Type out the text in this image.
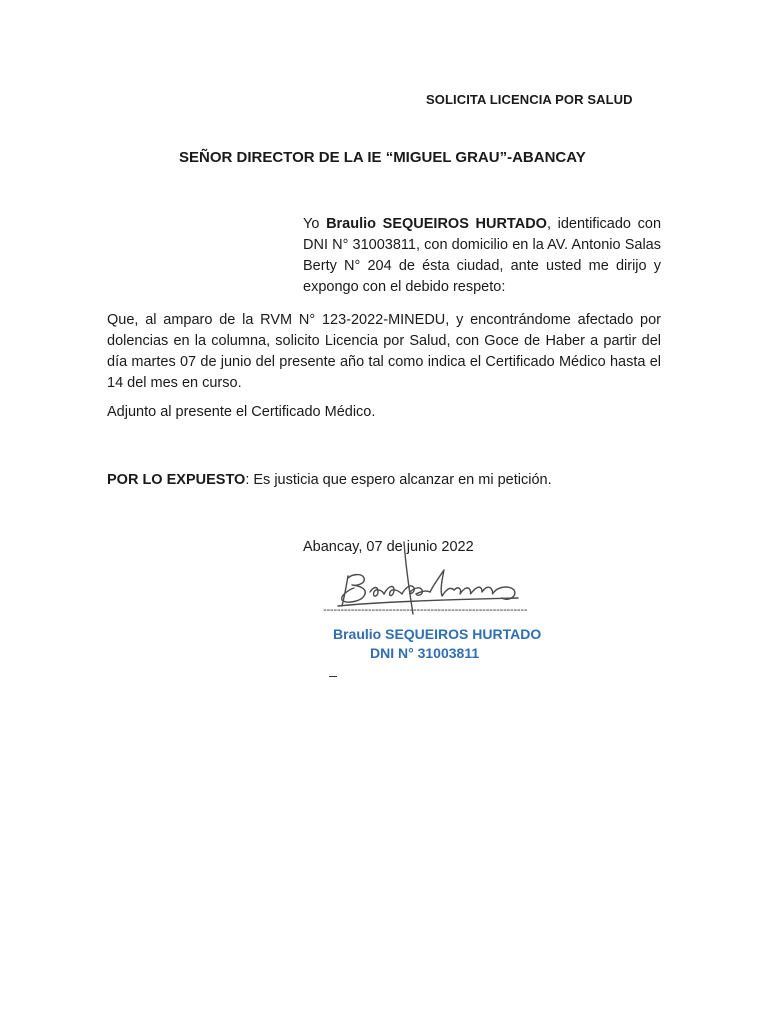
SOLICITA LICENCIA POR SALUD
SEÑOR DIRECTOR DE LA IE “MIGUEL GRAU”-ABANCAY
Yo Braulio SEQUEIROS HURTADO, identificado con DNI N° 31003811, con domicilio en la AV. Antonio Salas Berty N° 204 de ésta ciudad, ante usted me dirijo y expongo con el debido respeto:
Que, al amparo de la RVM N° 123-2022-MINEDU, y encontrándome afectado por dolencias en la columna, solicito Licencia por Salud, con Goce de Haber a partir del día martes 07 de junio del presente año tal como indica el Certificado Médico hasta el 14 del mes en curso.
Adjunto al presente el Certificado Médico.
POR LO EXPUESTO: Es justicia que espero alcanzar en mi petición.
Abancay, 07 de junio 2022
-----------------------------------------------------------
Braulio SEQUEIROS HURTADO
DNI N° 31003811
